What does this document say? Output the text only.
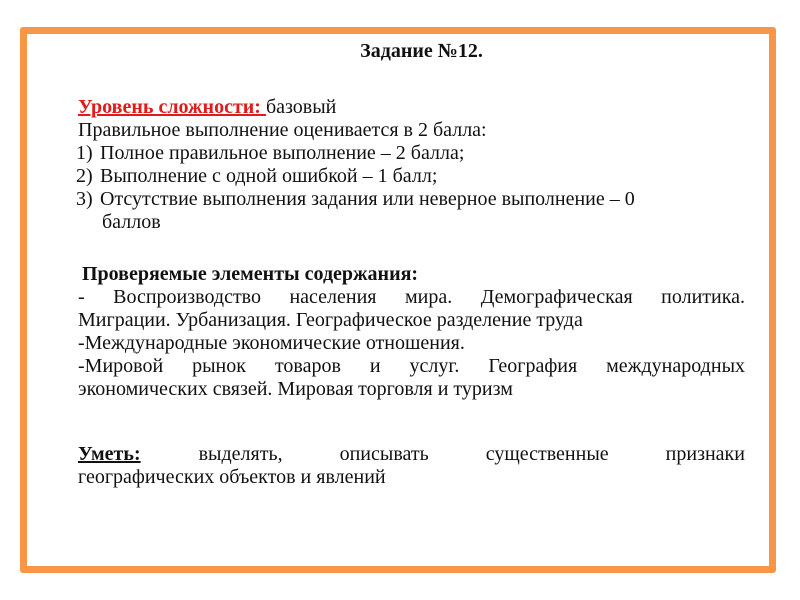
Задание №12.
Уровень сложности: базовый
Правильное выполнение оценивается в 2 балла:
1) Полное правильное выполнение – 2 балла;
2) Выполнение с одной ошибкой – 1 балл;
3) Отсутствие выполнения задания или неверное выполнение – 0
баллов
Проверяемые элементы содержания:
- Воспроизводство населения мира. Демографическая политика.
Миграции. Урбанизация. Географическое разделение труда
-Международные экономические отношения.
-Мировой рынок товаров и услуг. География международных
экономических связей. Мировая торговля и туризм
Уметь:	выделять,	описывать	существенные	признаки
географических объектов и явлений
